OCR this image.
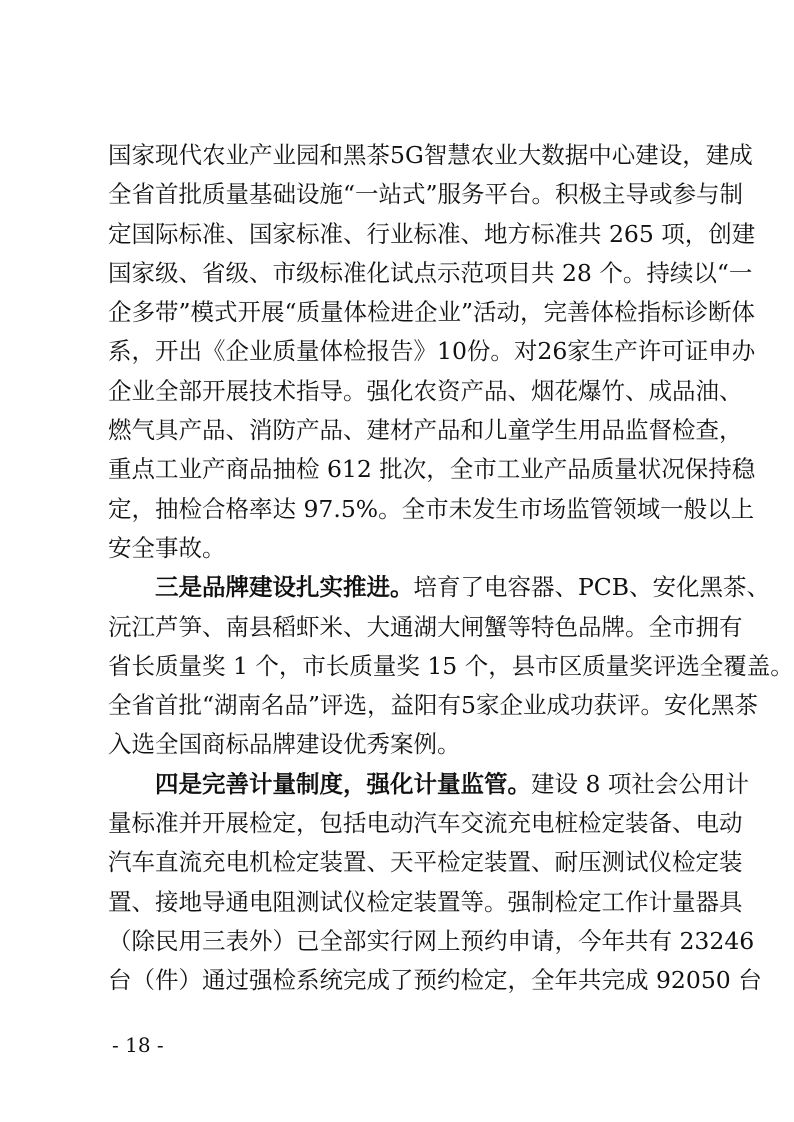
国家现代农业产业园和黑茶5G智慧农业大数据中心建设，建成
全省首批质量基础设施“一站式”服务平台。积极主导或参与制
定国际标准、国家标准、行业标准、地方标准共 265 项，创建
国家级、省级、市级标准化试点示范项目共 28 个。持续以“一
企多带”模式开展“质量体检进企业”活动，完善体检指标诊断体
系，开出《企业质量体检报告》10份。对26家生产许可证申办
企业全部开展技术指导。强化农资产品、烟花爆竹、成品油、
燃气具产品、消防产品、建材产品和儿童学生用品监督检查，
重点工业产商品抽检 612 批次，全市工业产品质量状况保持稳
定，抽检合格率达 97.5%。全市未发生市场监管领域一般以上
安全事故。
三是品牌建设扎实推进。培育了电容器、PCB、安化黑茶、
沅江芦笋、南县稻虾米、大通湖大闸蟹等特色品牌。全市拥有
省长质量奖 1 个，市长质量奖 15 个，县市区质量奖评选全覆盖。
全省首批“湖南名品”评选，益阳有5家企业成功获评。安化黑茶
入选全国商标品牌建设优秀案例。
四是完善计量制度，强化计量监管。建设 8 项社会公用计
量标准并开展检定，包括电动汽车交流充电桩检定装备、电动
汽车直流充电机检定装置、天平检定装置、耐压测试仪检定装
置、接地导通电阻测试仪检定装置等。强制检定工作计量器具
（除民用三表外）已全部实行网上预约申请，今年共有 23246
台（件）通过强检系统完成了预约检定，全年共完成 92050 台
- 18 -
